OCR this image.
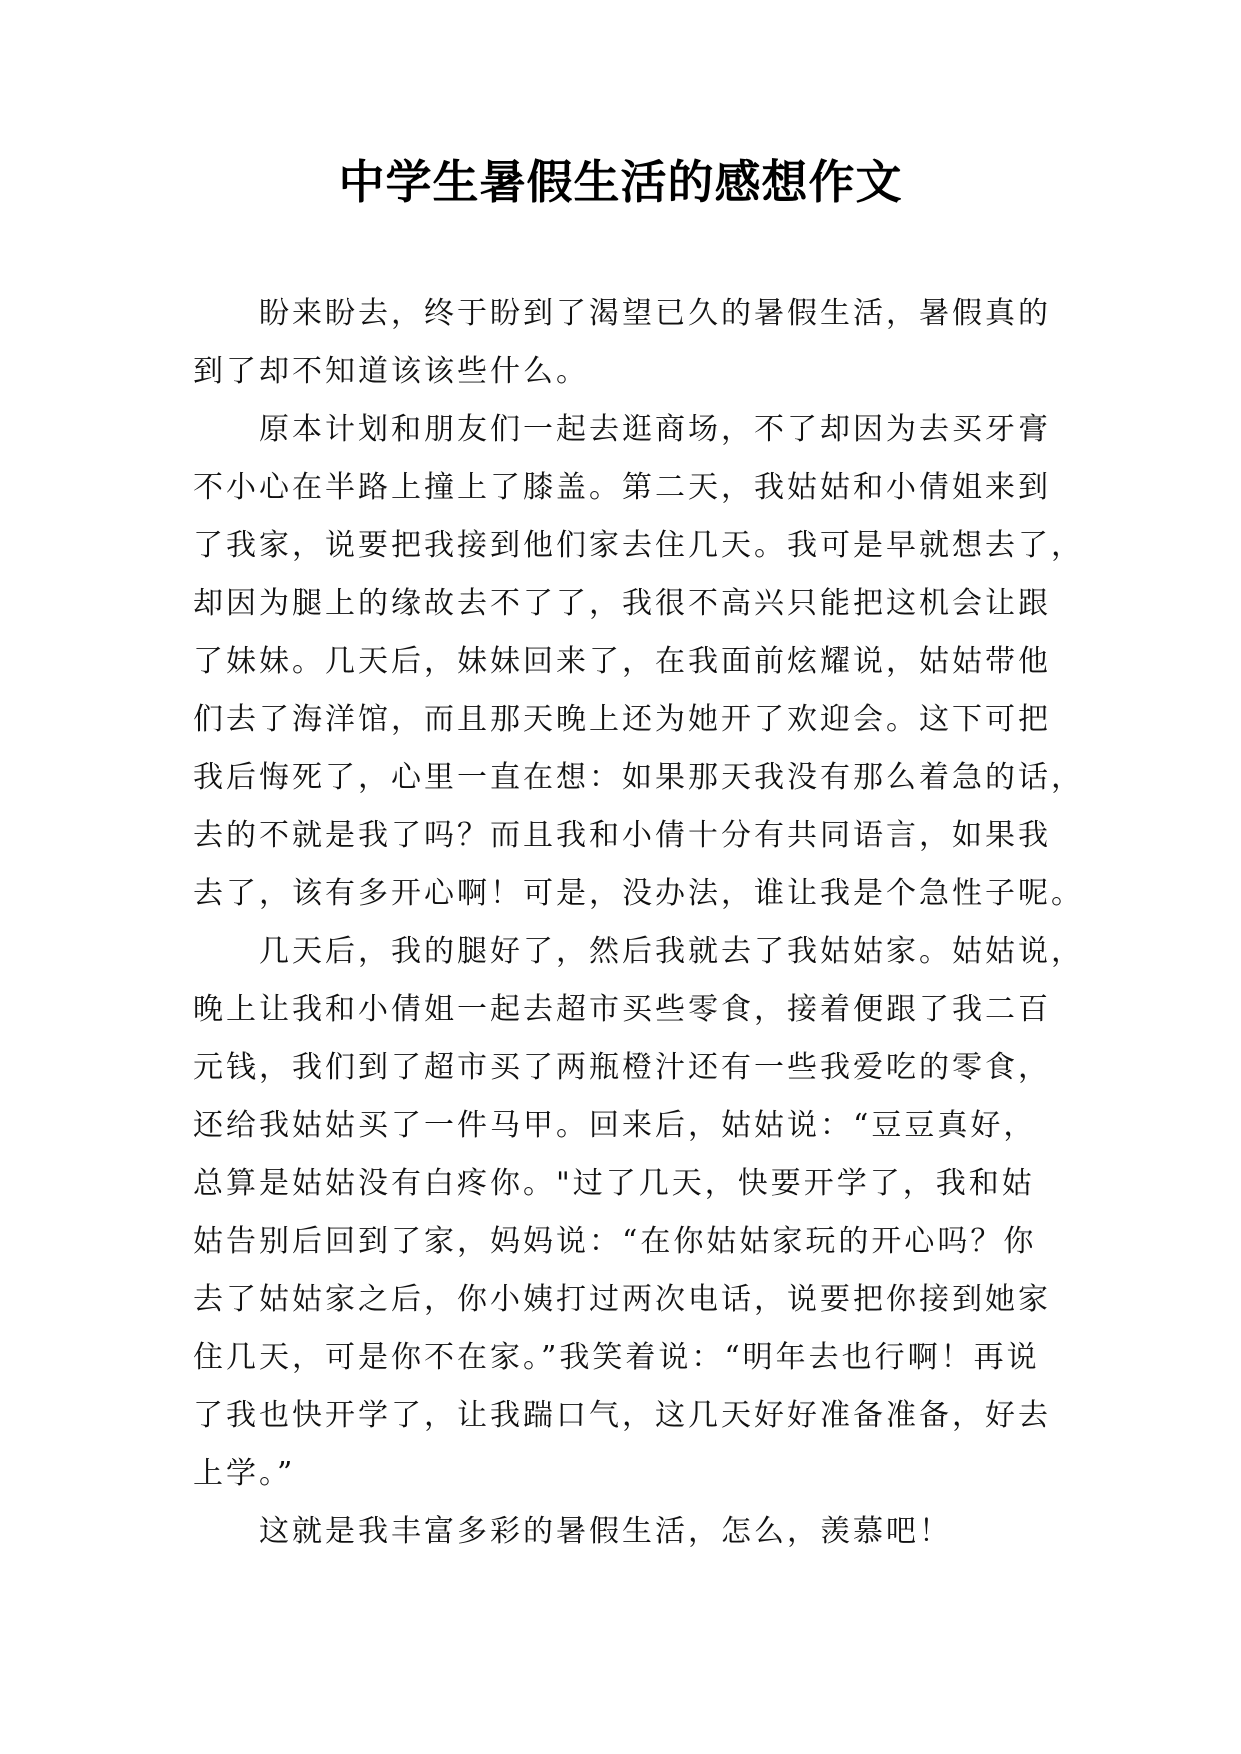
中学生暑假生活的感想作文
　　盼来盼去，终于盼到了渴望已久的暑假生活，暑假真的
到了却不知道该该些什么。
　　原本计划和朋友们一起去逛商场，不了却因为去买牙膏
不小心在半路上撞上了膝盖。第二天，我姑姑和小倩姐来到
了我家，说要把我接到他们家去住几天。我可是早就想去了，
却因为腿上的缘故去不了了，我很不高兴只能把这机会让跟
了妹妹。几天后，妹妹回来了，在我面前炫耀说，姑姑带他
们去了海洋馆，而且那天晚上还为她开了欢迎会。这下可把
我后悔死了，心里一直在想：如果那天我没有那么着急的话，
去的不就是我了吗？而且我和小倩十分有共同语言，如果我
去了，该有多开心啊！可是，没办法，谁让我是个急性子呢。
　　几天后，我的腿好了，然后我就去了我姑姑家。姑姑说，
晚上让我和小倩姐一起去超市买些零食，接着便跟了我二百
元钱，我们到了超市买了两瓶橙汁还有一些我爱吃的零食，
还给我姑姑买了一件马甲。回来后，姑姑说：“豆豆真好，
总算是姑姑没有白疼你。"过了几天，快要开学了，我和姑
姑告别后回到了家，妈妈说：“在你姑姑家玩的开心吗？你
去了姑姑家之后，你小姨打过两次电话，说要把你接到她家
住几天，可是你不在家。”我笑着说：“明年去也行啊！再说
了我也快开学了，让我踹口气，这几天好好准备准备，好去
上学。”
　　这就是我丰富多彩的暑假生活，怎么，羡慕吧！
